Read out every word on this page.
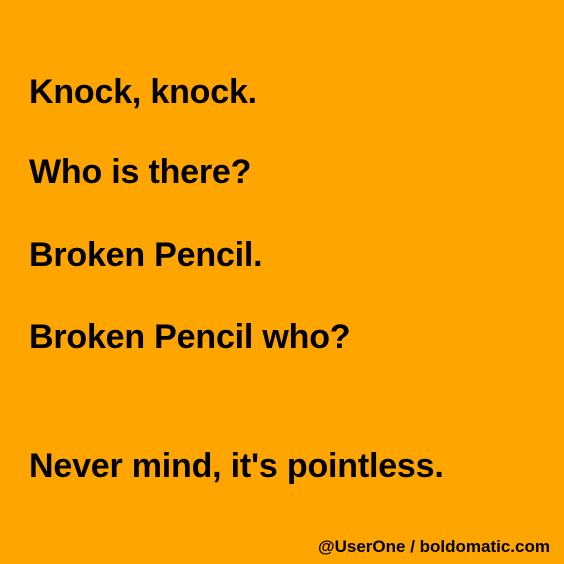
Knock, knock.
Who is there?
Broken Pencil.
Broken Pencil who?
Never mind, it's pointless.
@UserOne / boldomatic.com
